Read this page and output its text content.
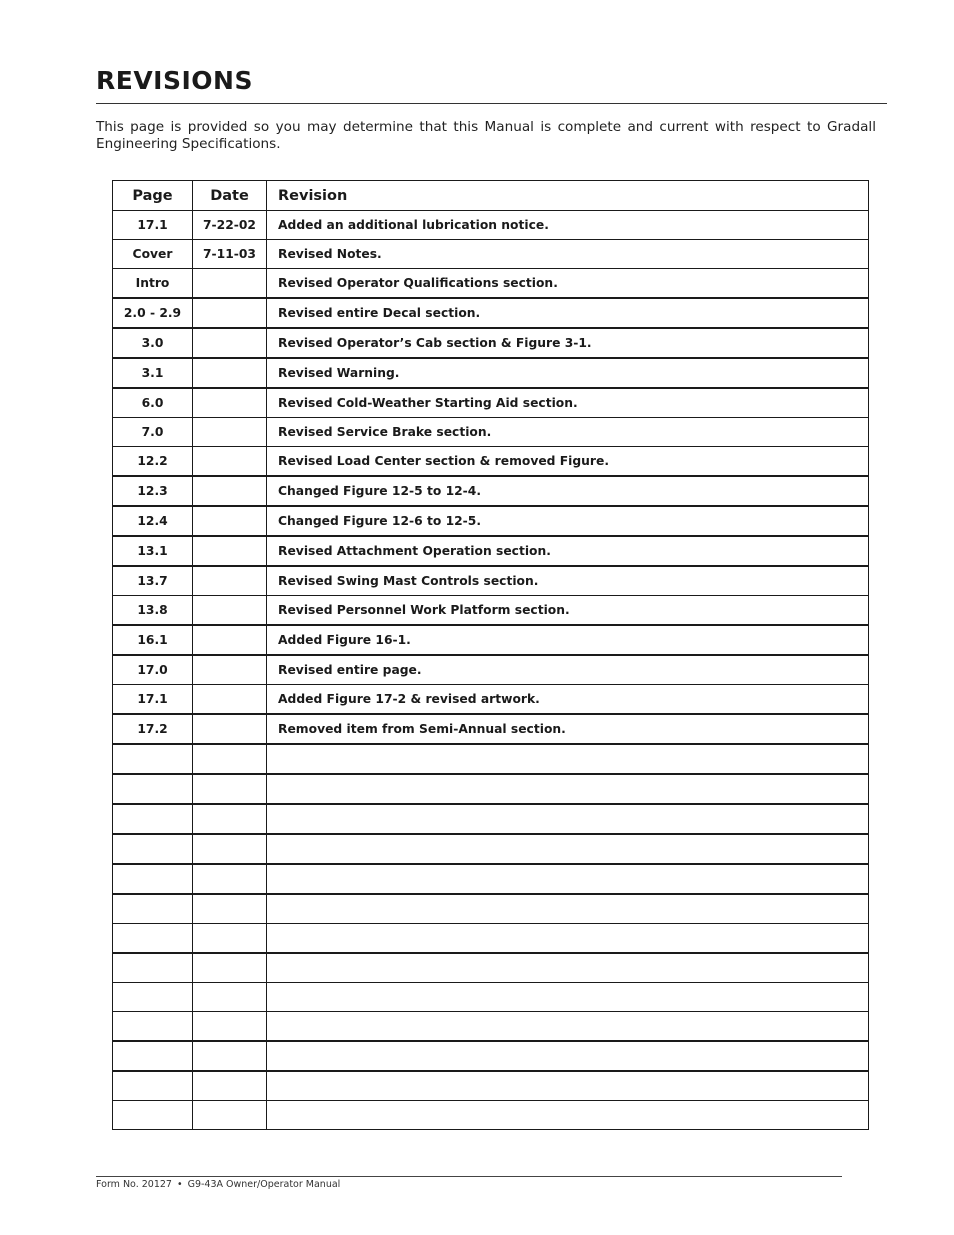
REVISIONS

This page is provided so you may determine that this Manual is complete and current with respect to Gradall Engineering Specifications.

Page	Date	Revision
17.1	7-22-02	Added an additional lubrication notice.
Cover	7-11-03	Revised Notes.
Intro		Revised Operator Qualifications section.
2.0 - 2.9		Revised entire Decal section.
3.0		Revised Operator’s Cab section & Figure 3-1.
3.1		Revised Warning.
6.0		Revised Cold-Weather Starting Aid section.
7.0		Revised Service Brake section.
12.2		Revised Load Center section & removed Figure.
12.3		Changed Figure 12-5 to 12-4.
12.4		Changed Figure 12-6 to 12-5.
13.1		Revised Attachment Operation section.
13.7		Revised Swing Mast Controls section.
13.8		Revised Personnel Work Platform section.
16.1		Added Figure 16-1.
17.0		Revised entire page.
17.1		Added Figure 17-2 & revised artwork.
17.2		Removed item from Semi-Annual section.

Form No. 20127 • G9-43A Owner/Operator Manual
